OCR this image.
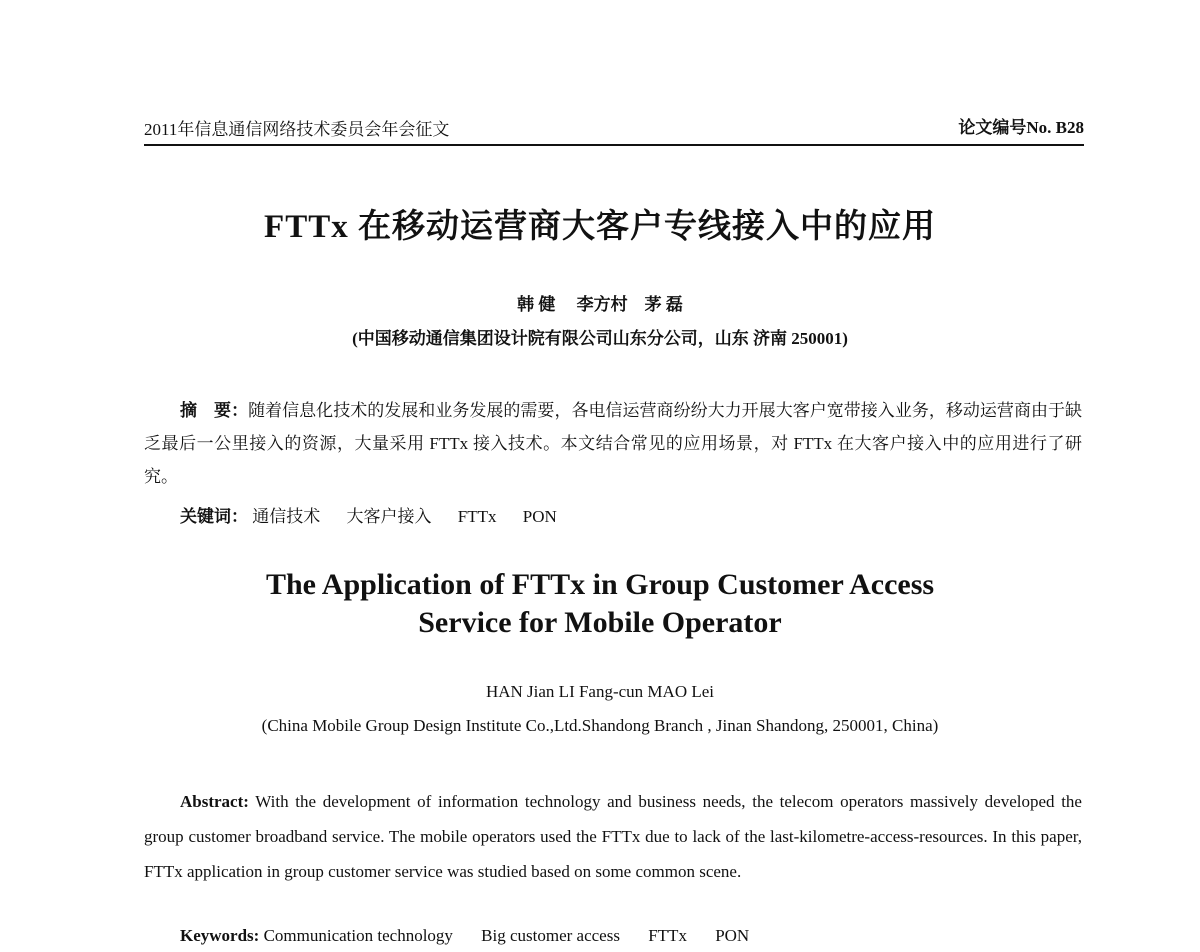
2011年信息通信网络技术委员会年会征文	论文编号No. B28
FTTx 在移动运营商大客户专线接入中的应用
韩 健　 李方村　茅 磊
(中国移动通信集团设计院有限公司山东分公司，山东 济南 250001)
摘　要：随着信息化技术的发展和业务发展的需要，各电信运营商纷纷大力开展大客户宽带接入业务，移动运营商由于缺乏最后一公里接入的资源，大量采用 FTTx 接入技术。本文结合常见的应用场景，对 FTTx 在大客户接入中的应用进行了研究。
关键词： 通信技术 大客户接入 FTTx PON
The Application of FTTx in Group Customer Access
Service for Mobile Operator
HAN Jian LI Fang-cun MAO Lei
(China Mobile Group Design Institute Co.,Ltd.Shandong Branch , Jinan Shandong, 250001, China)
Abstract: With the development of information technology and business needs, the telecom operators massively developed the group customer broadband service. The mobile operators used the FTTx due to lack of the last-kilometre-access-resources. In this paper, FTTx application in group customer service was studied based on some common scene.
Keywords: Communication technology Big customer access FTTx PON
